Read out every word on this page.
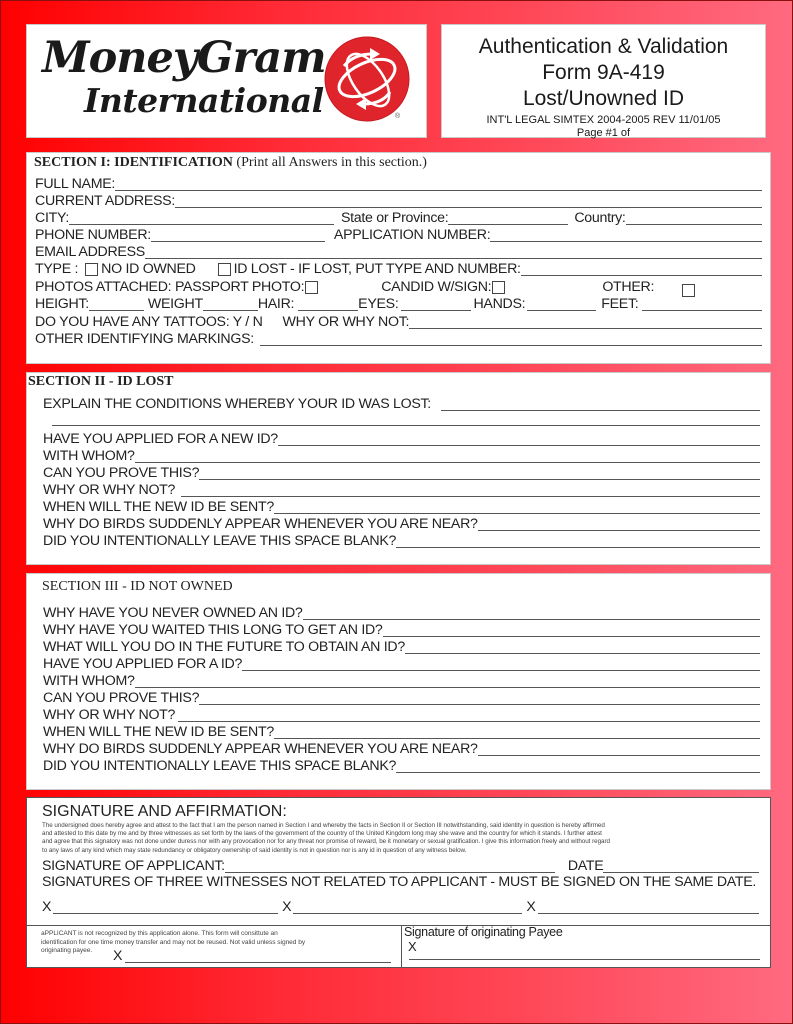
MoneyGram
International	®
Authentication & Validation
Form 9A-419
Lost/Unowned ID
INT'L LEGAL SIMTEX 2004-2005 REV 11/01/05
Page #1 of
SECTION I: IDENTIFICATION (Print all Answers in this section.)
FULL NAME:
CURRENT ADDRESS:
CITY:	State or Province:	Country:
PHONE NUMBER:	APPLICATION NUMBER:
EMAIL ADDRESS
TYPE : NO ID OWNED	ID LOST - IF LOST, PUT TYPE AND NUMBER:
PHOTOS ATTACHED: PASSPORT PHOTO:	CANDID W/SIGN:	OTHER:
HEIGHT:	WEIGHT	HAIR:	EYES:	HANDS:	FEET:
DO YOU HAVE ANY TATTOOS: Y / N WHY OR WHY NOT:
OTHER IDENTIFYING MARKINGS:
SECTION II - ID LOST
EXPLAIN THE CONDITIONS WHEREBY YOUR ID WAS LOST:
HAVE YOU APPLIED FOR A NEW ID?
WITH WHOM?
CAN YOU PROVE THIS?
WHY OR WHY NOT?
WHEN WILL THE NEW ID BE SENT?
WHY DO BIRDS SUDDENLY APPEAR WHENEVER YOU ARE NEAR?
DID YOU INTENTIONALLY LEAVE THIS SPACE BLANK?
SECTION III - ID NOT OWNED
WHY HAVE YOU NEVER OWNED AN ID?
WHY HAVE YOU WAITED THIS LONG TO GET AN ID?
WHAT WILL YOU DO IN THE FUTURE TO OBTAIN AN ID?
HAVE YOU APPLIED FOR A ID?
WITH WHOM?
CAN YOU PROVE THIS?
WHY OR WHY NOT?
WHEN WILL THE NEW ID BE SENT?
WHY DO BIRDS SUDDENLY APPEAR WHENEVER YOU ARE NEAR?
DID YOU INTENTIONALLY LEAVE THIS SPACE BLANK?
SIGNATURE AND AFFIRMATION:
The undersigned does hereby agree and attest to the fact that I am the person named in Section I and whereby the facts in Section II or Section III notwithstanding, said identity in question is hereby affirmed
and attested to this date by me and by three witnesses as set forth by the laws of the government of the country of the United Kingdom long may she wave and the country for which it stands. I further attest
and agree that this signatory was not done under duress nor with any provocation nor for any threat nor promise of reward, be it monetary or sexual gratification. I give this information freely and without regard
to any laws of any kind which may state redundancy or obligatory ownership of said identity is not in question nor is any id in question of any witness below.
SIGNATURE OF APPLICANT:	DATE
SIGNATURES OF THREE WITNESSES NOT RELATED TO APPLICANT - MUST BE SIGNED ON THE SAME DATE.
X	X	X
aPPLICANT is not recognized by this application alone. This form will consittute an
identification for one time money transfer and may not be reused. Not valid unless signed by
originating payee.	X
Signature of originating Payee
X
